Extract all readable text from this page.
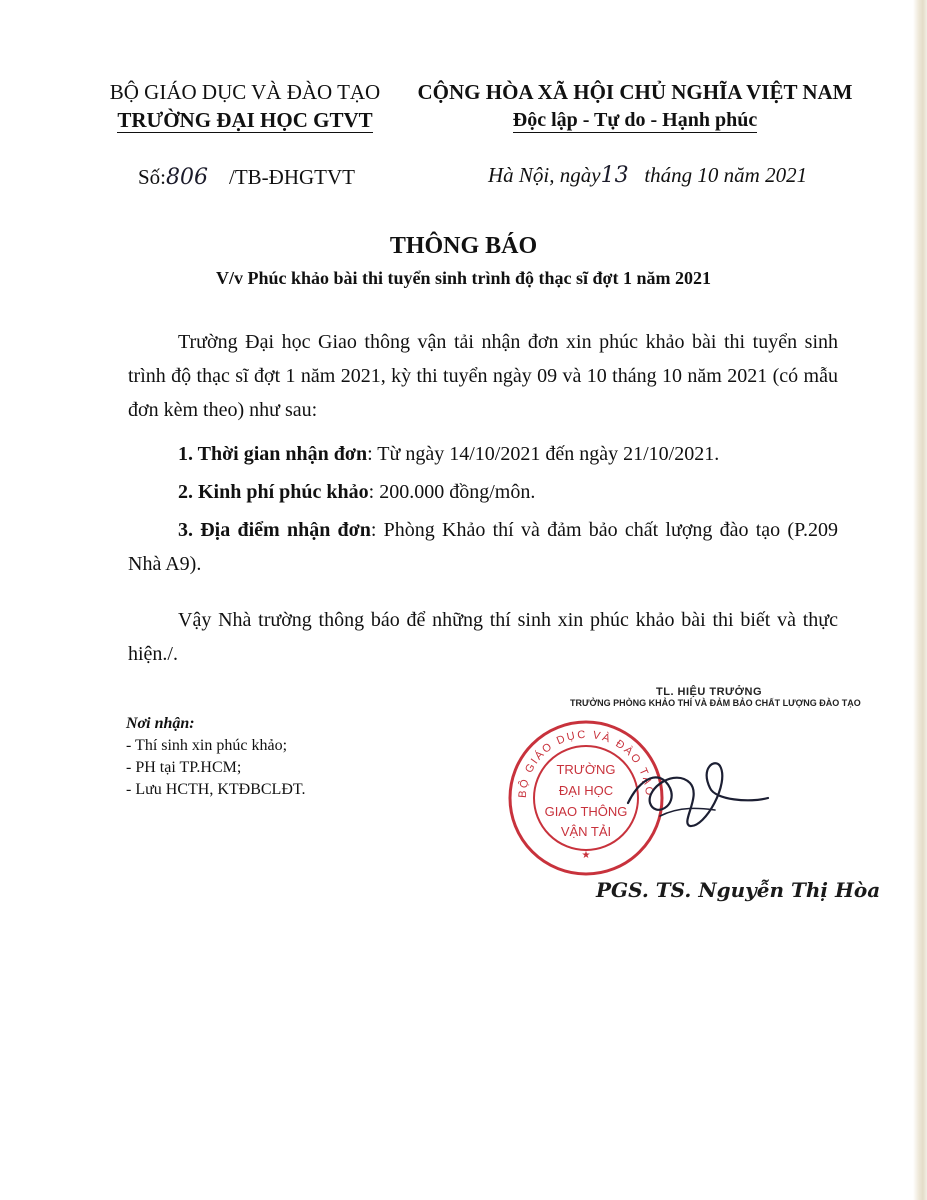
BỘ GIÁO DỤC VÀ ĐÀO TẠO
TRƯỜNG ĐẠI HỌC GTVT
CỘNG HÒA XÃ HỘI CHỦ NGHĨA VIỆT NAM
Độc lập - Tự do - Hạnh phúc
Số:806 /TB-ĐHGTVT	Hà Nội, ngày13 tháng 10 năm 2021
THÔNG BÁO
V/v Phúc khảo bài thi tuyển sinh trình độ thạc sĩ đợt 1 năm 2021
Trường Đại học Giao thông vận tải nhận đơn xin phúc khảo bài thi tuyển sinh trình độ thạc sĩ đợt 1 năm 2021, kỳ thi tuyển ngày 09 và 10 tháng 10 năm 2021 (có mẫu đơn kèm theo) như sau:
1. Thời gian nhận đơn: Từ ngày 14/10/2021 đến ngày 21/10/2021.
2. Kinh phí phúc khảo: 200.000 đồng/môn.
3. Địa điểm nhận đơn: Phòng Khảo thí và đảm bảo chất lượng đào tạo (P.209 Nhà A9).
Vậy Nhà trường thông báo để những thí sinh xin phúc khảo bài thi biết và thực hiện./.
Nơi nhận:
- Thí sinh xin phúc khảo;
- PH tại TP.HCM;
- Lưu HCTH, KTĐBCLĐT.
TL. HIỆU TRƯỞNG
TRƯỞNG PHÒNG KHẢO THÍ VÀ ĐẢM BẢO CHẤT LƯỢNG ĐÀO TẠO
BỘ GIÁO DỤC VÀ ĐÀO TẠO
TRƯỜNG
ĐẠI HỌC
GIAO THÔNG
VẬN TẢI
★
PGS. TS. Nguyễn Thị Hòa
